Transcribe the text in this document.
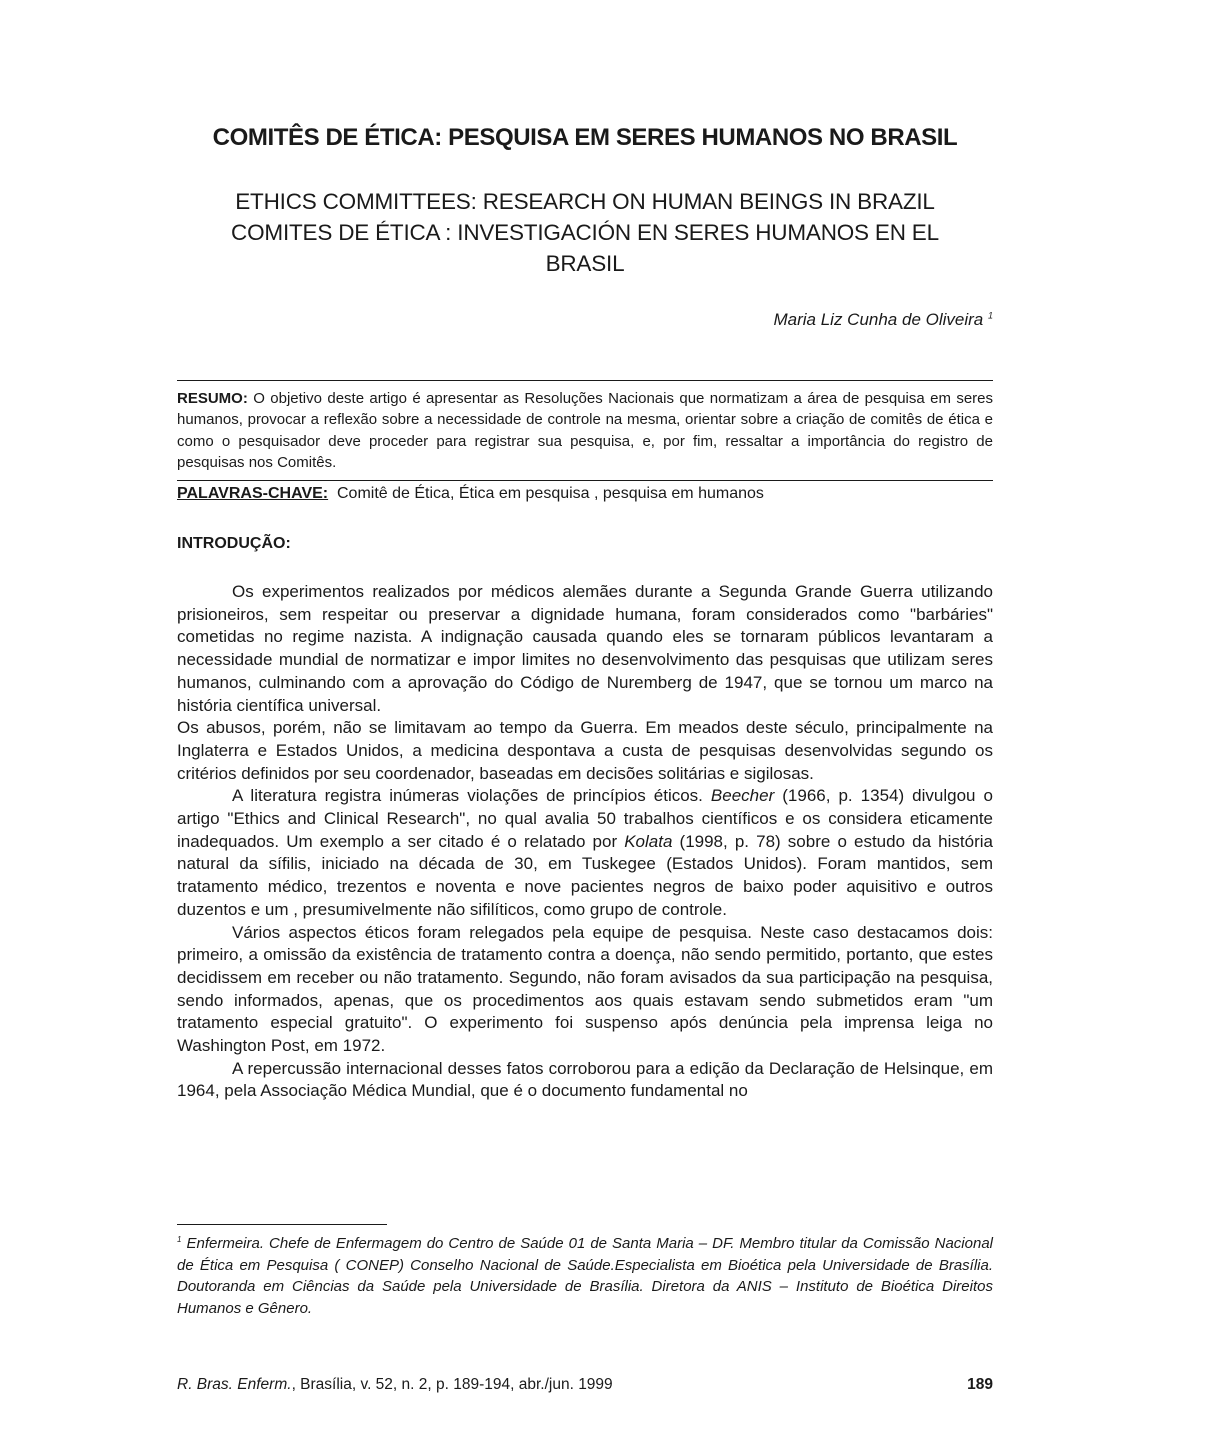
COMITÊS DE ÉTICA: PESQUISA EM SERES HUMANOS NO BRASIL
ETHICS COMMITTEES: RESEARCH ON HUMAN BEINGS IN BRAZIL
COMITES DE ÉTICA : INVESTIGACIÓN EN SERES HUMANOS EN EL
BRASIL
Maria Liz Cunha de Oliveira $^1$

RESUMO: O objetivo deste artigo é apresentar as Resoluções Nacionais que normatizam a área de pesquisa em seres humanos, provocar a reflexão sobre a necessidade de controle na mesma, orientar sobre a criação de comitês de ética e como o pesquisador deve proceder para registrar sua pesquisa, e, por fim, ressaltar a importância do registro de pesquisas nos Comitês.

PALAVRAS-CHAVE: Comitê de Ética, Ética em pesquisa , pesquisa em humanos
INTRODUÇÃO:

Os experimentos realizados por médicos alemães durante a Segunda Grande Guerra utilizando prisioneiros, sem respeitar ou preservar a dignidade humana, foram considerados como "barbáries" cometidas no regime nazista. A indignação causada quando eles se tornaram públicos levantaram a necessidade mundial de normatizar e impor limites no desenvolvimento das pesquisas que utilizam seres humanos, culminando com a aprovação do Código de Nuremberg de 1947, que se tornou um marco na história científica universal.

Os abusos, porém, não se limitavam ao tempo da Guerra. Em meados deste século, principalmente na Inglaterra e Estados Unidos, a medicina despontava a custa de pesquisas desenvolvidas segundo os critérios definidos por seu coordenador, baseadas em decisões solitárias e sigilosas.

A literatura registra inúmeras violações de princípios éticos. Beecher (1966, p. 1354) divulgou o artigo "Ethics and Clinical Research", no qual avalia 50 trabalhos científicos e os considera eticamente inadequados. Um exemplo a ser citado é o relatado por Kolata (1998, p. 78) sobre o estudo da história natural da sífilis, iniciado na década de 30, em Tuskegee (Estados Unidos). Foram mantidos, sem tratamento médico, trezentos e noventa e nove pacientes negros de baixo poder aquisitivo e outros duzentos e um , presumivelmente não sifilíticos, como grupo de controle.

Vários aspectos éticos foram relegados pela equipe de pesquisa. Neste caso destacamos dois: primeiro, a omissão da existência de tratamento contra a doença, não sendo permitido, portanto, que estes decidissem em receber ou não tratamento. Segundo, não foram avisados da sua participação na pesquisa, sendo informados, apenas, que os procedimentos aos quais estavam sendo submetidos eram "um tratamento especial gratuito". O experimento foi suspenso após denúncia pela imprensa leiga no Washington Post, em 1972.

A repercussão internacional desses fatos corroborou para a edição da Declaração de Helsinque, em 1964, pela Associação Médica Mundial, que é o documento fundamental no

$^1$ Enfermeira. Chefe de Enfermagem do Centro de Saúde 01 de Santa Maria – DF. Membro titular da Comissão Nacional de Ética em Pesquisa ( CONEP) Conselho Nacional de Saúde.Especialista em Bioética pela Universidade de Brasília. Doutoranda em Ciências da Saúde pela Universidade de Brasília. Diretora da ANIS – Instituto de Bioética Direitos Humanos e Gênero.

R. Bras. Enferm., Brasília, v. 52, n. 2, p. 189-194, abr./jun. 1999	189
